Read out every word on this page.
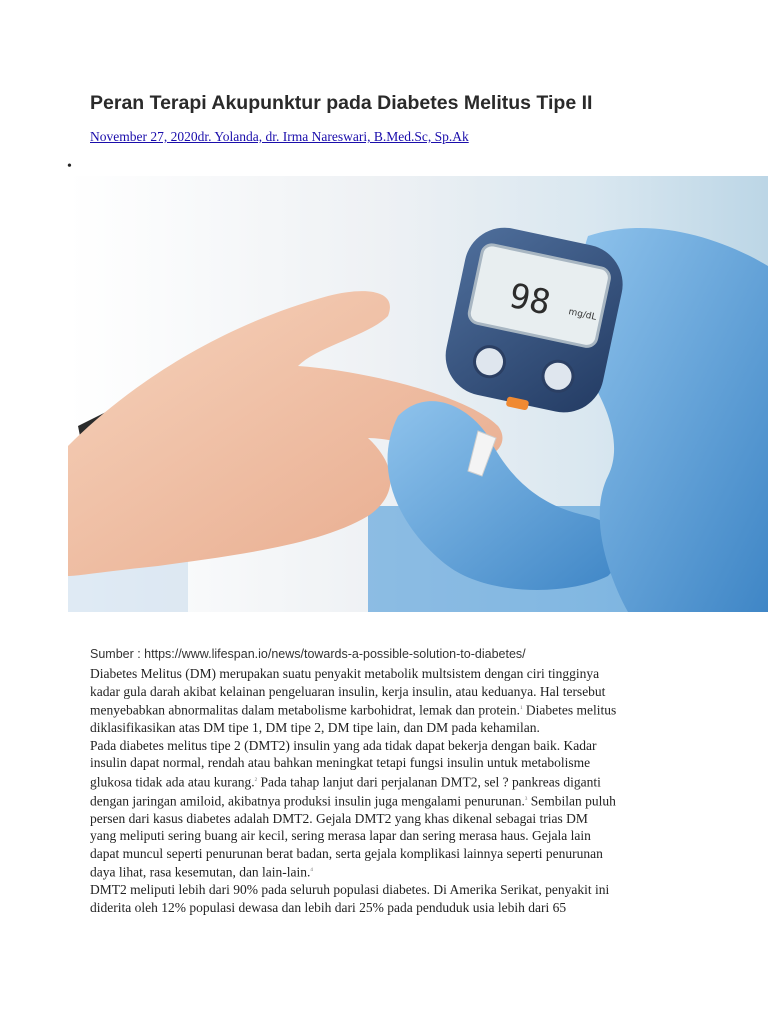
Peran Terapi Akupunktur pada Diabetes Melitus Tipe II
November 27, 2020dr. Yolanda, dr. Irma Nareswari, B.Med.Sc, Sp.Ak
•
98 mg/dL
Sumber : https://www.lifespan.io/news/towards-a-possible-solution-to-diabetes/

Diabetes Melitus (DM) merupakan suatu penyakit metabolik multsistem dengan ciri tingginya
kadar gula darah akibat kelainan pengeluaran insulin, kerja insulin, atau keduanya. Hal tersebut
menyebabkan abnormalitas dalam metabolisme karbohidrat, lemak dan protein.$^1$ Diabetes melitus
diklasifikasikan atas DM tipe 1, DM tipe 2, DM tipe lain, dan DM pada kehamilan.

Pada diabetes melitus tipe 2 (DMT2) insulin yang ada tidak dapat bekerja dengan baik. Kadar
insulin dapat normal, rendah atau bahkan meningkat tetapi fungsi insulin untuk metabolisme
glukosa tidak ada atau kurang.$^2$ Pada tahap lanjut dari perjalanan DMT2, sel ? pankreas diganti
dengan jaringan amiloid, akibatnya produksi insulin juga mengalami penurunan.$^3$ Sembilan puluh
persen dari kasus diabetes adalah DMT2. Gejala DMT2 yang khas dikenal sebagai trias DM
yang meliputi sering buang air kecil, sering merasa lapar dan sering merasa haus. Gejala lain
dapat muncul seperti penurunan berat badan, serta gejala komplikasi lainnya seperti penurunan
daya lihat, rasa kesemutan, dan lain-lain.$^4$

DMT2 meliputi lebih dari 90% pada seluruh populasi diabetes. Di Amerika Serikat, penyakit ini
diderita oleh 12% populasi dewasa dan lebih dari 25% pada penduduk usia lebih dari 65
